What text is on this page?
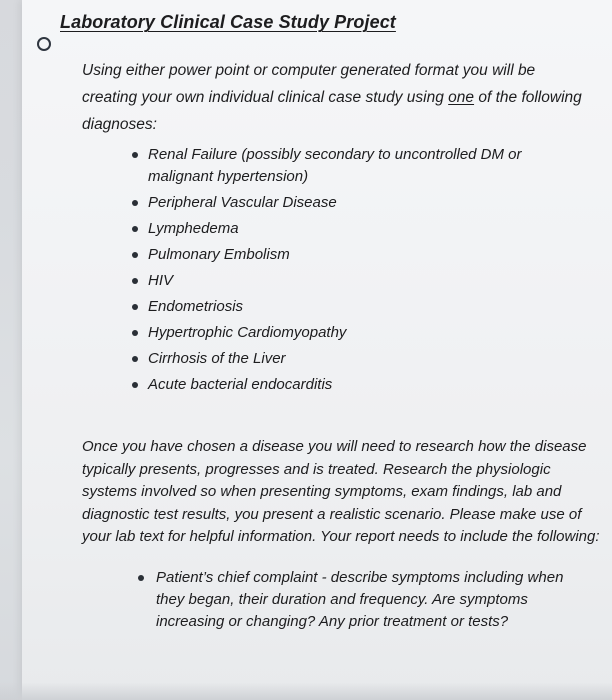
Laboratory Clinical Case Study Project

Using either power point or computer generated format you will be creating your own individual clinical case study using one of the following diagnoses:

Renal Failure (possibly secondary to uncontrolled DM or malignant hypertension)
Peripheral Vascular Disease
Lymphedema
Pulmonary Embolism
HIV
Endometriosis
Hypertrophic Cardiomyopathy
Cirrhosis of the Liver
Acute bacterial endocarditis

Once you have chosen a disease you will need to research how the disease typically presents, progresses and is treated. Research the physiologic systems involved so when presenting symptoms, exam findings, lab and diagnostic test results, you present a realistic scenario. Please make use of your lab text for helpful information. Your report needs to include the following:

Patient’s chief complaint - describe symptoms including when they began, their duration and frequency. Are symptoms increasing or changing? Any prior treatment or tests?
